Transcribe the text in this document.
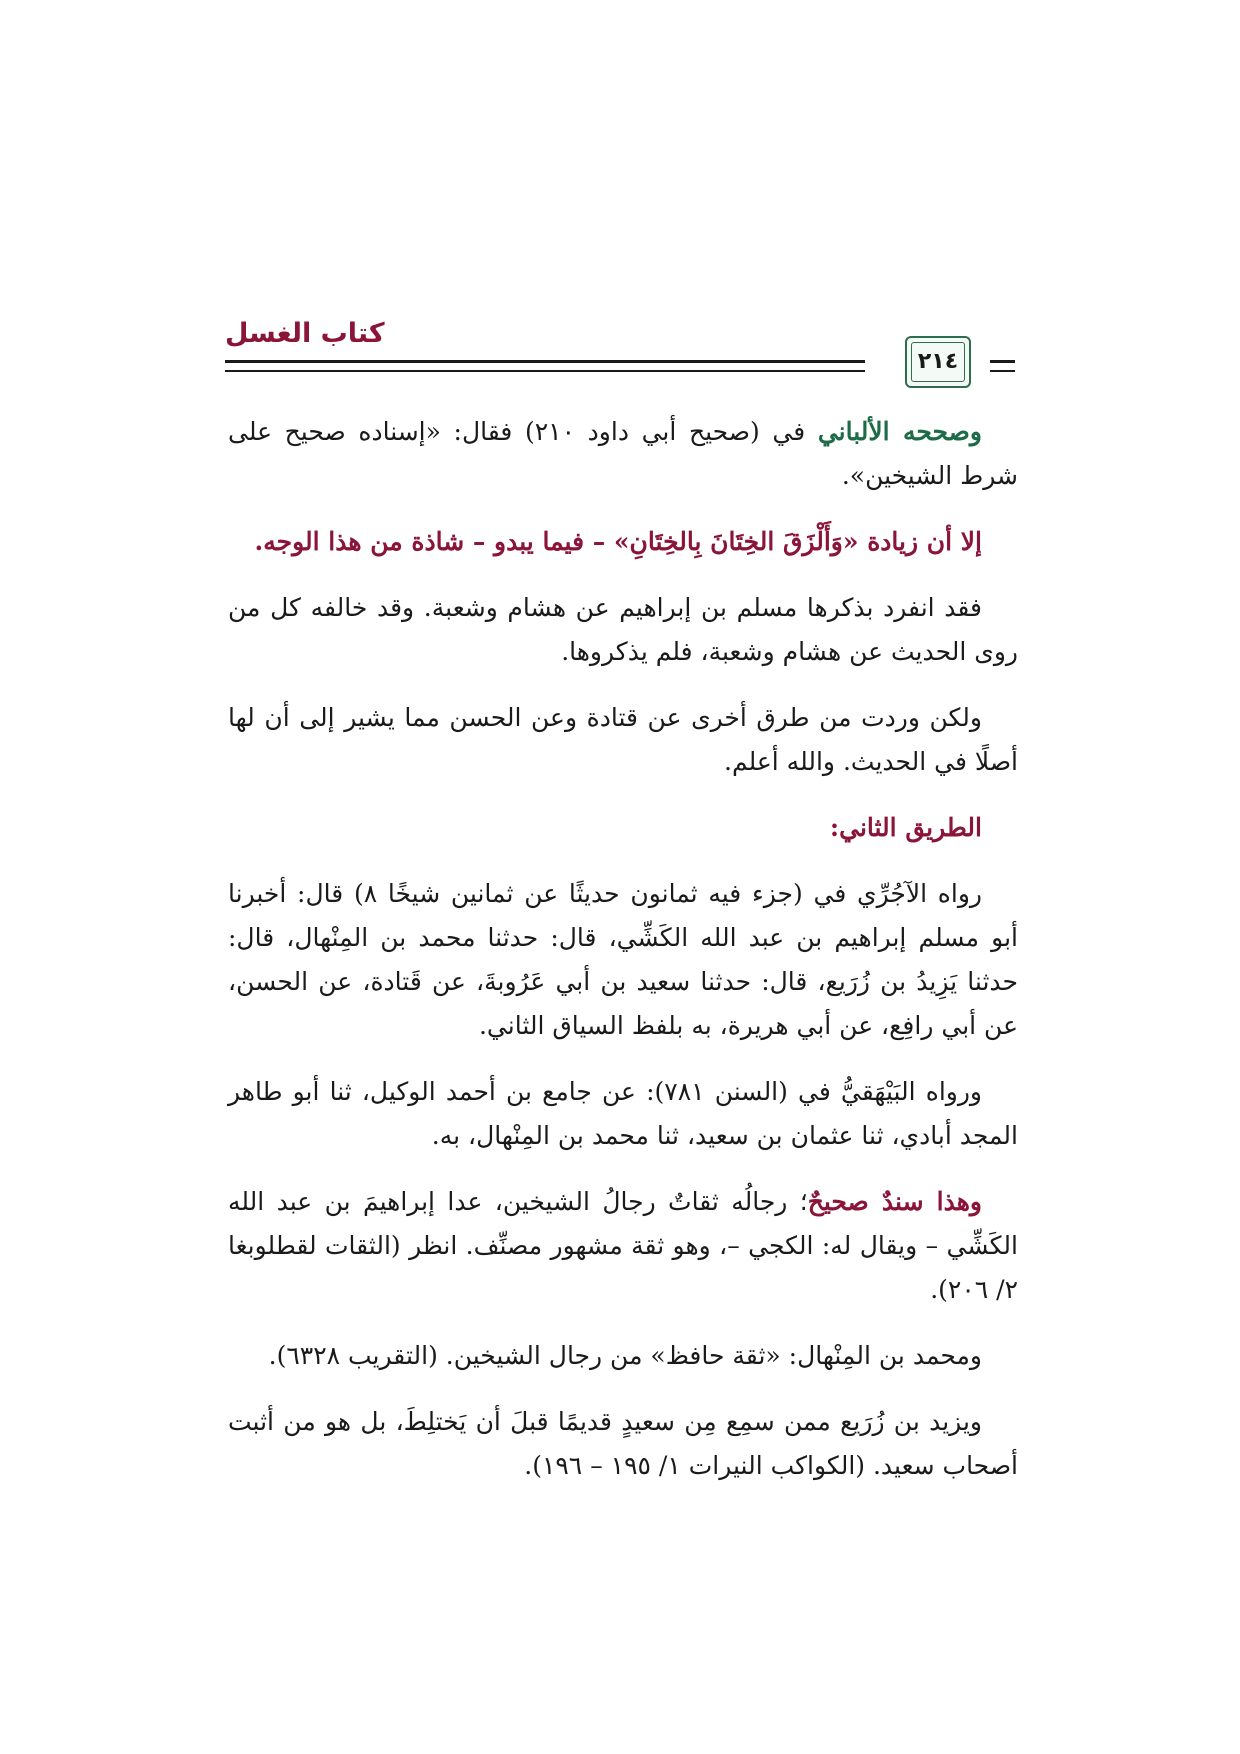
كتاب الغسل
٢١٤

وصححه الألباني في (صحيح أبي داود ٢١٠) فقال: «إسناده صحيح على شرط الشيخين».

إلا أن زيادة «وَأَلْزَقَ الخِتَانَ بِالخِتَانِ» – فيما يبدو – شاذة من هذا الوجه.

فقد انفرد بذكرها مسلم بن إبراهيم عن هشام وشعبة. وقد خالفه كل من روى الحديث عن هشام وشعبة، فلم يذكروها.

ولكن وردت من طرق أخرى عن قتادة وعن الحسن مما يشير إلى أن لها أصلًا في الحديث. والله أعلم.

الطريق الثاني:

رواه الآجُرِّي في (جزء فيه ثمانون حديثًا عن ثمانين شيخًا ٨) قال: أخبرنا أبو مسلم إبراهيم بن عبد الله الكَشِّي، قال: حدثنا محمد بن المِنْهال، قال: حدثنا يَزِيدُ بن زُرَيع، قال: حدثنا سعيد بن أبي عَرُوبةَ، عن قَتادة، عن الحسن، عن أبي رافِع، عن أبي هريرة، به بلفظ السياق الثاني.

ورواه البَيْهَقيُّ في (السنن ٧٨١): عن جامع بن أحمد الوكيل، ثنا أبو طاهر المجد أبادي، ثنا عثمان بن سعيد، ثنا محمد بن المِنْهال، به.

وهذا سندٌ صحيحٌ؛ رجالُه ثقاتٌ رجالُ الشيخين، عدا إبراهيمَ بن عبد الله الكَشِّي – ويقال له: الكجي –، وهو ثقة مشهور مصنِّف. انظر (الثقات لقطلوبغا ٢/ ٢٠٦).

ومحمد بن المِنْهال: «ثقة حافظ» من رجال الشيخين. (التقريب ٦٣٢٨).

ويزيد بن زُرَيع ممن سمِع مِن سعيدٍ قديمًا قبلَ أن يَختلِطَ، بل هو من أثبت أصحاب سعيد. (الكواكب النيرات ١/ ١٩٥ – ١٩٦).
